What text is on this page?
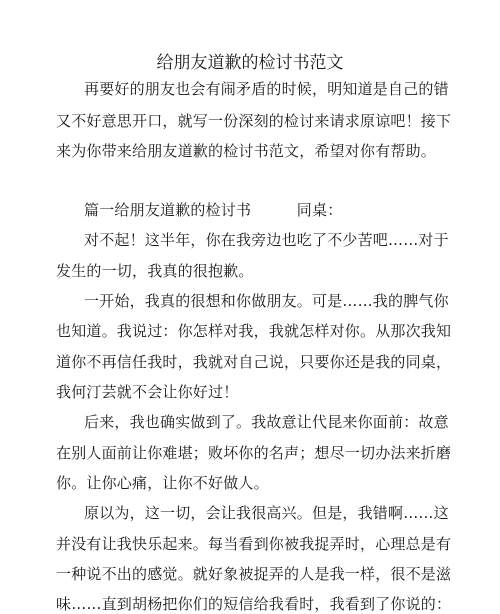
给朋友道歉的检讨书范文
再要好的朋友也会有闹矛盾的时候，明知道是自己的错
又不好意思开口，就写一份深刻的检讨来请求原谅吧！接下
来为你带来给朋友道歉的检讨书范文，希望对你有帮助。
篇一给朋友道歉的检讨书　　　同桌：
对不起！这半年，你在我旁边也吃了不少苦吧……对于
发生的一切，我真的很抱歉。
一开始，我真的很想和你做朋友。可是……我的脾气你
也知道。我说过：你怎样对我，我就怎样对你。从那次我知
道你不再信任我时，我就对自己说，只要你还是我的同桌，
我何汀芸就不会让你好过！
后来，我也确实做到了。我故意让代昆来你面前：故意
在别人面前让你难堪；败坏你的名声；想尽一切办法来折磨
你。让你心痛，让你不好做人。
原以为，这一切，会让我很高兴。但是，我错啊……这
并没有让我快乐起来。每当看到你被我捉弄时，心理总是有
一种说不出的感觉。就好象被捉弄的人是我一样，很不是滋
味……直到胡杨把你们的短信给我看时，我看到了你说的：
